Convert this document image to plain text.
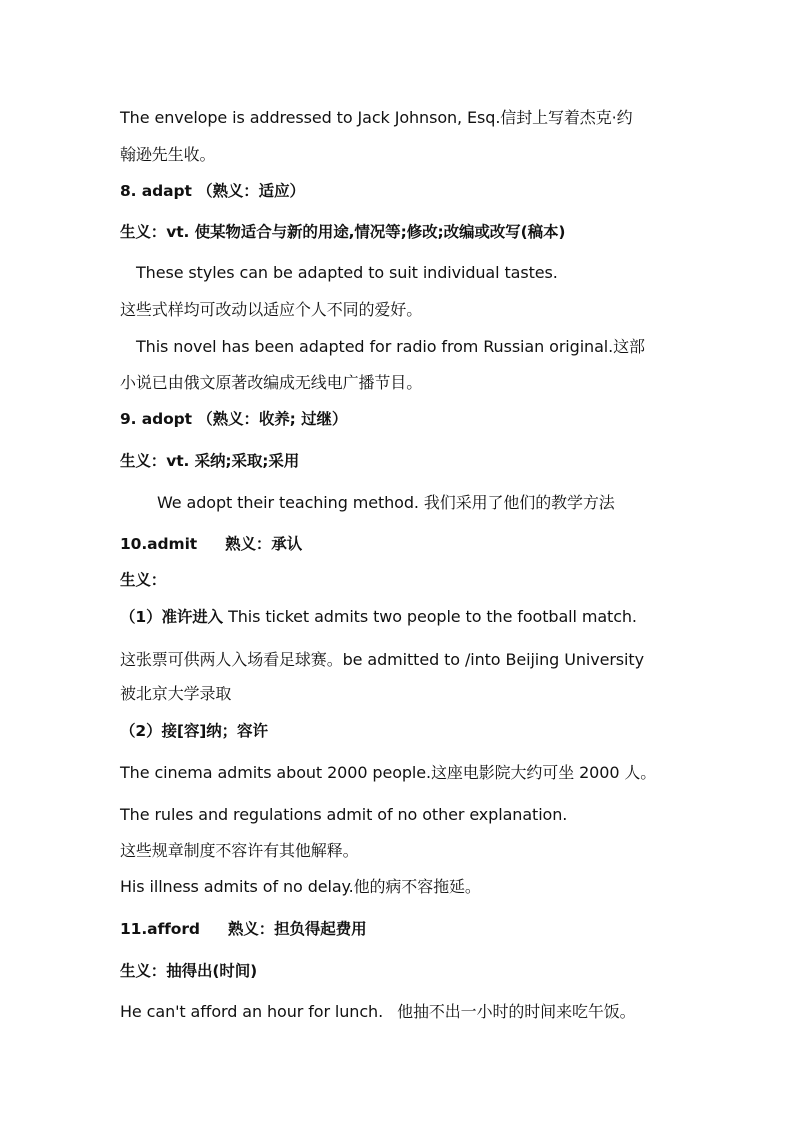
The envelope is addressed to Jack Johnson, Esq.信封上写着杰克·约
翰逊先生收。
8. adapt （熟义：适应）
生义：vt. 使某物适合与新的用途,情况等;修改;改编或改写(稿本)
These styles can be adapted to suit individual tastes.
这些式样均可改动以适应个人不同的爱好。
This novel has been adapted for radio from Russian original.这部
小说已由俄文原著改编成无线电广播节目。
9. adopt （熟义：收养; 过继）
生义：vt. 采纳;采取;采用
We adopt their teaching method. 我们采用了他们的教学方法
10.admit 熟义：承认
生义：
（1）准许进入 This ticket admits two people to the football match.
这张票可供两人入场看足球赛。be admitted to /into Beijing University
被北京大学录取
（2）接[容]纳；容许
The cinema admits about 2000 people.这座电影院大约可坐 2000 人。
The rules and regulations admit of no other explanation.
这些规章制度不容许有其他解释。
His illness admits of no delay.他的病不容拖延。
11.afford 熟义：担负得起费用
生义：抽得出(时间)
He can't afford an hour for lunch. 他抽不出一小时的时间来吃午饭。
